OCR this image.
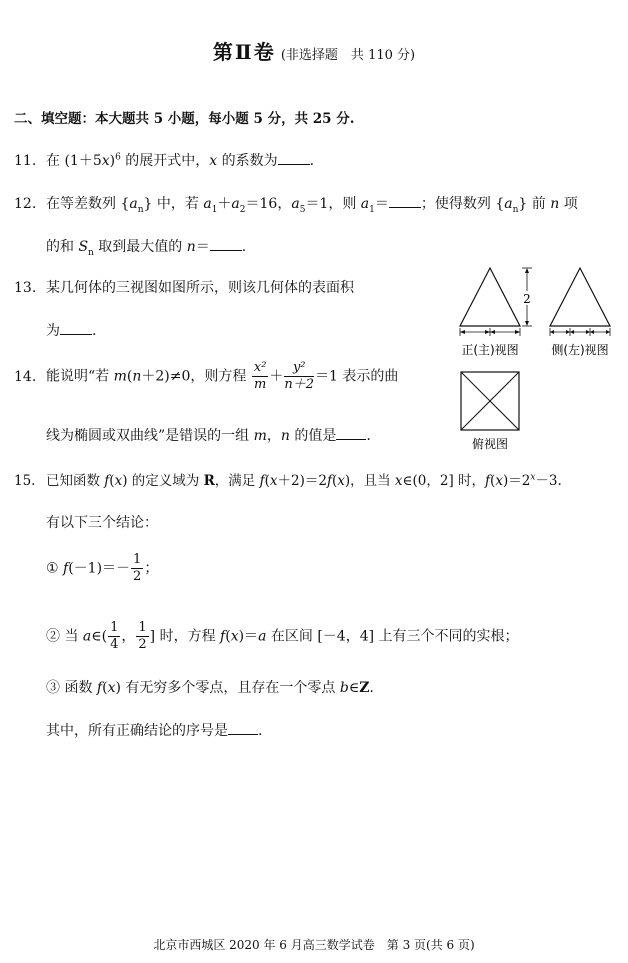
第Ⅱ卷 (非选择题　共 110 分)
二、填空题：本大题共 5 小题，每小题 5 分，共 25 分.
11. 在 $(1+5x)^6$ 的展开式中，x 的系数为 .
12. 在等差数列 $\{a_n\}$ 中，若 $a_1+a_2=16$，$a_5=1$，则 $a_1=$ ；使得数列 $\{a_n\}$ 前 n 项
的和 $S_n$ 取到最大值的 n＝ .
13. 某几何体的三视图如图所示，则该几何体的表面积
为 .
14. 能说明“若 m(n＋2)≠0，则方程 $\frac{\text{x²}}{m} + \frac{\text{y²}}{n+2} =1$ 表示的曲
线为椭圆或双曲线”是错误的一组 m，n 的值是 .
15. 已知函数 f(x) 的定义域为 R，满足 f(x＋2)＝2f(x)，且当 x∈(0，2] 时，$f(x)=2^x-3$.
有以下三个结论：
① $f(-1)=- \frac{1}{2}$ ；
② 当 a∈( $\frac{1}{4}$ ， $\frac{1}{2}$ ] 时，方程 f(x)＝a 在区间 [－4，4] 上有三个不同的实根；
③ 函数 f(x) 有无穷多个零点，且存在一个零点 b∈Z.
其中，所有正确结论的序号是 .
2
正(主)视图	侧(左)视图
俯视图
北京市西城区 2020 年 6 月高三数学试卷　第 3 页(共 6 页)
